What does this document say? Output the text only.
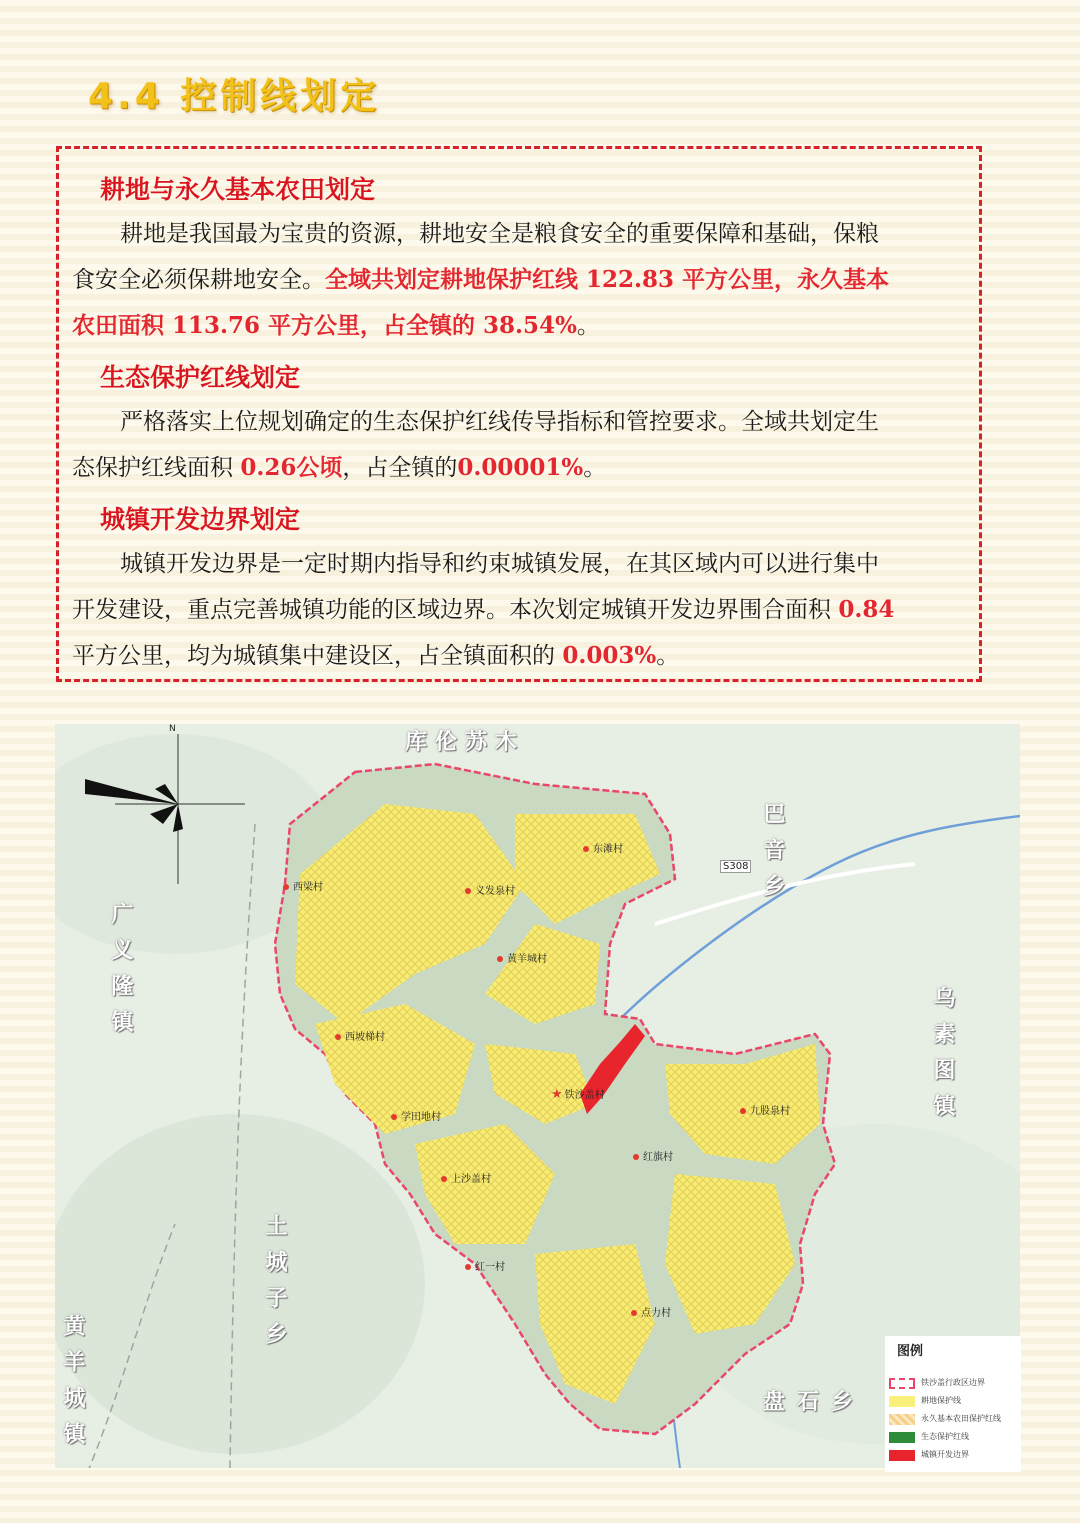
4.4 控制线划定
耕地与永久基本农田划定
耕地是我国最为宝贵的资源，耕地安全是粮食安全的重要保障和基础，保粮
食安全必须保耕地安全。全域共划定耕地保护红线 122.83 平方公里，永久基本
农田面积 113.76 平方公里，占全镇的 38.54%。
生态保护红线划定
严格落实上位规划确定的生态保护红线传导指标和管控要求。全域共划定生
态保护红线面积 0.26公顷，占全镇的0.00001%。
城镇开发边界划定
城镇开发边界是一定时期内指导和约束城镇发展，在其区域内可以进行集中
开发建设，重点完善城镇功能的区域边界。本次划定城镇开发边界围合面积 0.84
平方公里，均为城镇集中建设区，占全镇面积的 0.003%。
N
库伦苏木
巴音乡
乌素图镇
广义隆镇
土城子乡
黄羊城镇	盘石乡
S308
东滩村
西梁村	义发泉村
黄羊城村
西坡梯村
★ 铁沙盖村
九股泉村
学田地村
红旗村
上沙盖村
红一村
点力村
图例
铁沙盖行政区边界
耕地保护线
永久基本农田保护红线
生态保护红线
城镇开发边界
